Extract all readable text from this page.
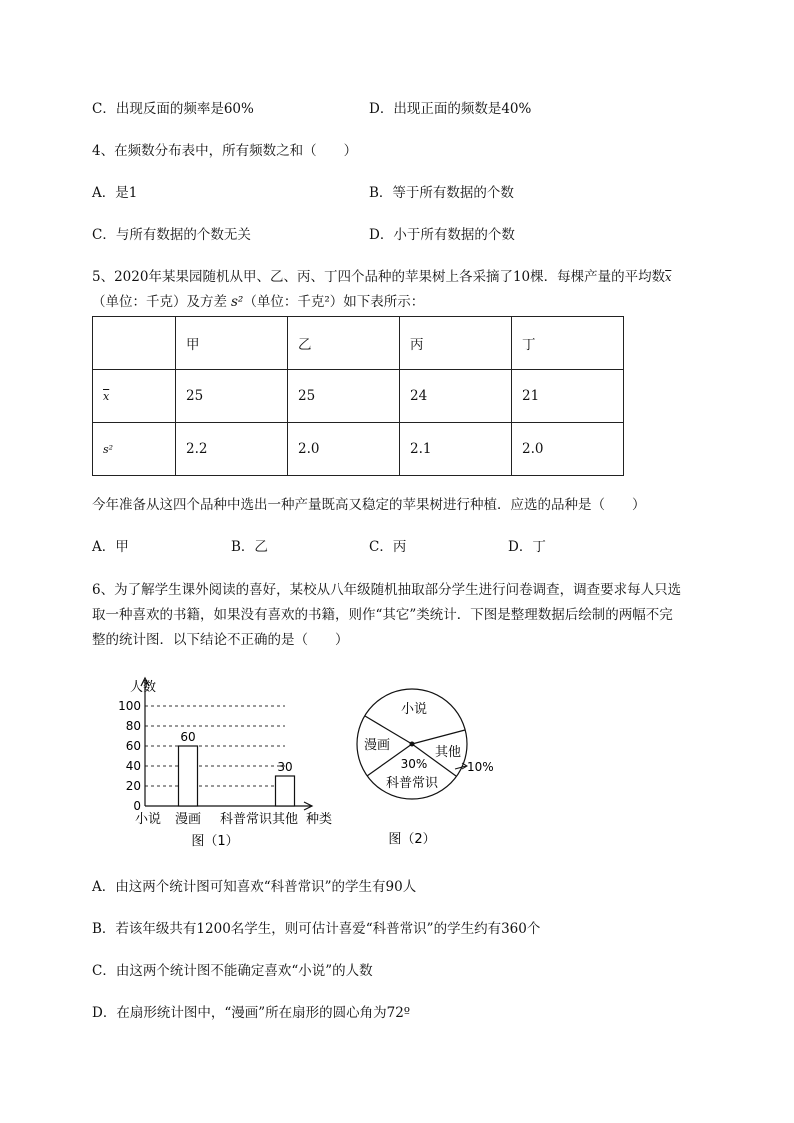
C．出现反面的频率是60%	D．出现正面的频数是40%
4、在频数分布表中，所有频数之和（　　）
A．是1	B．等于所有数据的个数
C．与所有数据的个数无关	D．小于所有数据的个数
5、2020年某果园随机从甲、乙、丙、丁四个品种的苹果树上各采摘了10棵．每棵产量的平均数$\overline{x}$
（单位：千克）及方差 s²（单位：千克²）如下表所示：
	甲	乙	丙	丁
$\overline{x}$	25	25	24	21
s²	2.2	2.0	2.1	2.0
今年准备从这四个品种中选出一种产量既高又稳定的苹果树进行种植．应选的品种是（　　）
A．甲	B．乙	C．丙	D．丁
6、为了解学生课外阅读的喜好，某校从八年级随机抽取部分学生进行问卷调查，调查要求每人只选
取一种喜欢的书籍，如果没有喜欢的书籍，则作“其它”类统计．下图是整理数据后绘制的两幅不完
整的统计图．以下结论不正确的是（　　）
人数
种类
0
20
40
60
80
100
60
30
小说 漫画 科普常识 其他
图（1）
小说
漫画	其他
30%
科普常识
10%
图（2）
A．由这两个统计图可知喜欢“科普常识”的学生有90人
B．若该年级共有1200名学生，则可估计喜爱“科普常识”的学生约有360个
C．由这两个统计图不能确定喜欢“小说”的人数
D．在扇形统计图中，“漫画”所在扇形的圆心角为72º
